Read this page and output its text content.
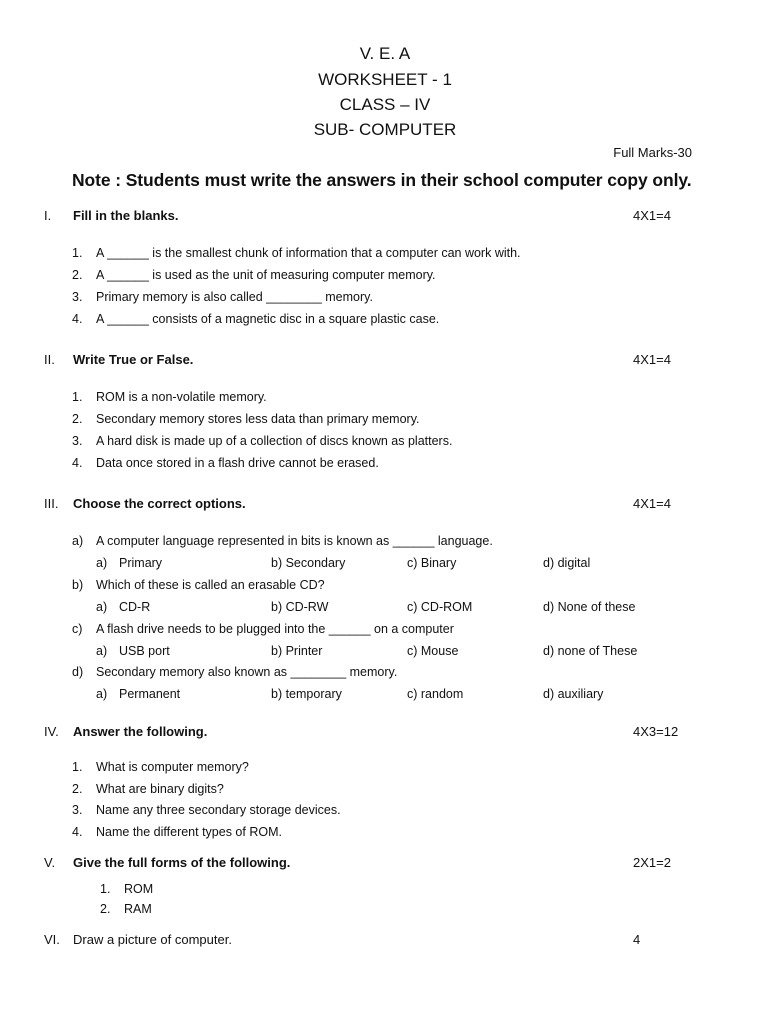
V. E. A
WORKSHEET - 1
CLASS – IV
SUB- COMPUTER
Full Marks-30
Note : Students must write the answers in their school computer copy only.
I. Fill in the blanks.	4X1=4
1. A ______ is the smallest chunk of information that a computer can work with.
2. A ______ is used as the unit of measuring computer memory.
3. Primary memory is also called ________ memory.
4. A ______ consists of a magnetic disc in a square plastic case.
II. Write True or False.	4X1=4
1. ROM is a non-volatile memory.
2. Secondary memory stores less data than primary memory.
3. A hard disk is made up of a collection of discs known as platters.
4. Data once stored in a flash drive cannot be erased.
III. Choose the correct options.	4X1=4
a) A computer language represented in bits is known as ______ language.
a) Primary	b) Secondary	c) Binary	d) digital
b) Which of these is called an erasable CD?
a) CD-R	b) CD-RW	c) CD-ROM	d) None of these
c) A flash drive needs to be plugged into the ______ on a computer
a) USB port	b) Printer	c) Mouse	d) none of These
d) Secondary memory also known as ________ memory.
a) Permanent	b) temporary	c) random	d) auxiliary
IV. Answer the following.	4X3=12
1. What is computer memory?
2. What are binary digits?
3. Name any three secondary storage devices.
4. Name the different types of ROM.
V. Give the full forms of the following.	2X1=2
1. ROM
2. RAM
VI. Draw a picture of computer.	4
